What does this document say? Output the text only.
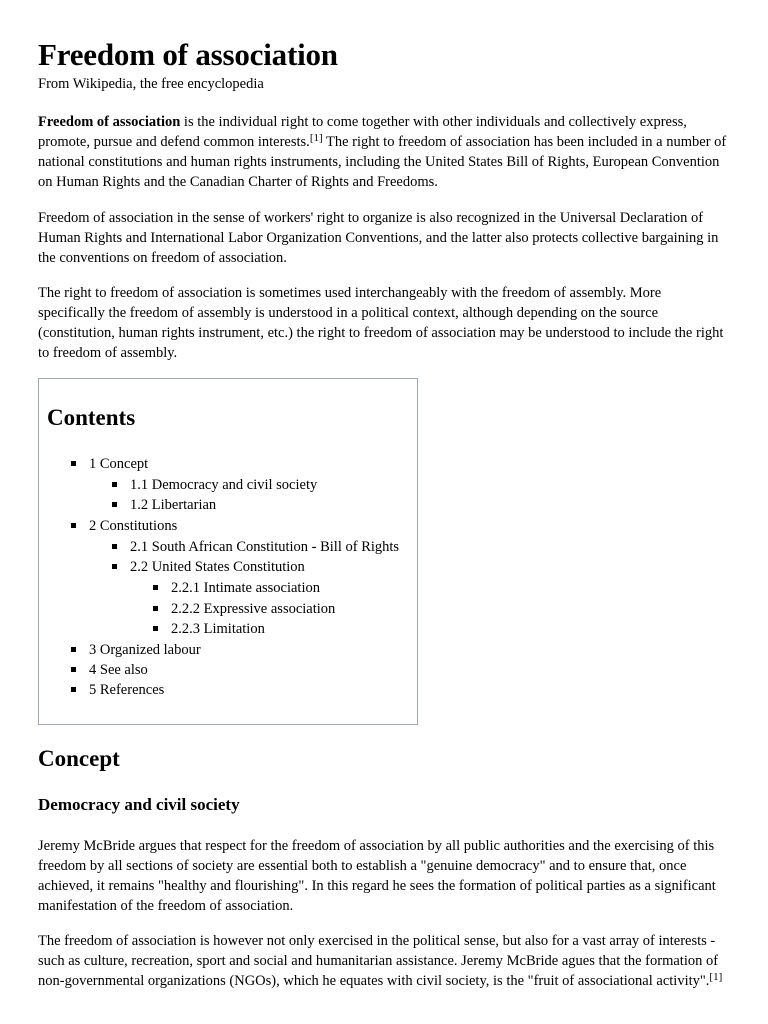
Freedom of association
From Wikipedia, the free encyclopedia

Freedom of association is the individual right to come together with other individuals and collectively express, promote, pursue and defend common interests.[1] The right to freedom of association has been included in a number of national constitutions and human rights instruments, including the United States Bill of Rights, European Convention on Human Rights and the Canadian Charter of Rights and Freedoms.

Freedom of association in the sense of workers' right to organize is also recognized in the Universal Declaration of Human Rights and International Labor Organization Conventions, and the latter also protects collective bargaining in the conventions on freedom of association.

The right to freedom of association is sometimes used interchangeably with the freedom of assembly. More specifically the freedom of assembly is understood in a political context, although depending on the source (constitution, human rights instrument, etc.) the right to freedom of association may be understood to include the right to freedom of assembly.

Contents
1 Concept
1.1 Democracy and civil society
1.2 Libertarian
2 Constitutions
2.1 South African Constitution - Bill of Rights
2.2 United States Constitution
2.2.1 Intimate association
2.2.2 Expressive association
2.2.3 Limitation
3 Organized labour
4 See also
5 References
Concept
Democracy and civil society

Jeremy McBride argues that respect for the freedom of association by all public authorities and the exercising of this freedom by all sections of society are essential both to establish a "genuine democracy" and to ensure that, once achieved, it remains "healthy and flourishing". In this regard he sees the formation of political parties as a significant manifestation of the freedom of association.

The freedom of association is however not only exercised in the political sense, but also for a vast array of interests - such as culture, recreation, sport and social and humanitarian assistance. Jeremy McBride agues that the formation of non-governmental organizations (NGOs), which he equates with civil society, is the "fruit of associational activity".[1]
